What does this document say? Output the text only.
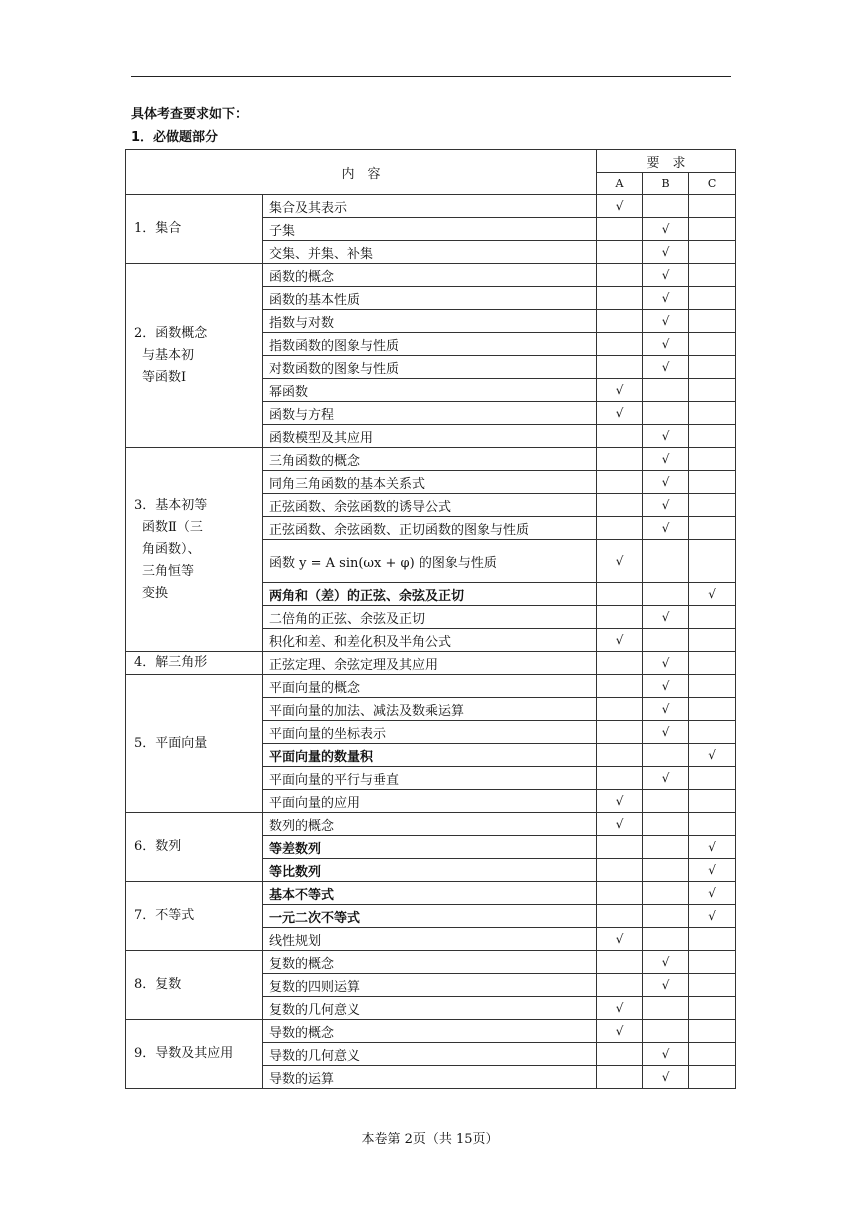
具体考查要求如下：
1．必做题部分
内　容		要　求		
		A	B	C

1．集合	集合及其表示	√		
	子集		√	
	交集、并集、补集		√	

2．函数概念
与基本初
等函数Ⅰ	函数的概念		√	
	函数的基本性质		√	
	指数与对数		√	
	指数函数的图象与性质		√	
	对数函数的图象与性质		√	
	幂函数	√		
	函数与方程	√		
	函数模型及其应用		√	

3．基本初等
函数Ⅱ（三
角函数）、
三角恒等
变换	三角函数的概念		√	
	同角三角函数的基本关系式		√	
	正弦函数、余弦函数的诱导公式		√	
	正弦函数、余弦函数、正切函数的图象与性质		√	
	函数 y = A sin(ωx + φ) 的图象与性质	√		
	两角和（差）的正弦、余弦及正切			√
	二倍角的正弦、余弦及正切		√	
	积化和差、和差化积及半角公式	√		

4．解三角形	正弦定理、余弦定理及其应用		√	

5．平面向量	平面向量的概念		√	
	平面向量的加法、减法及数乘运算		√	
	平面向量的坐标表示		√	
	平面向量的数量积			√
	平面向量的平行与垂直		√	
	平面向量的应用	√		

6．数列	数列的概念	√		
	等差数列			√
	等比数列			√

7．不等式	基本不等式			√
	一元二次不等式			√
	线性规划	√		

8．复数	复数的概念		√	
	复数的四则运算		√	
	复数的几何意义	√		

9．导数及其应用	导数的概念	√		
	导数的几何意义		√	
	导数的运算		√	
本卷第 2页（共 15页）
